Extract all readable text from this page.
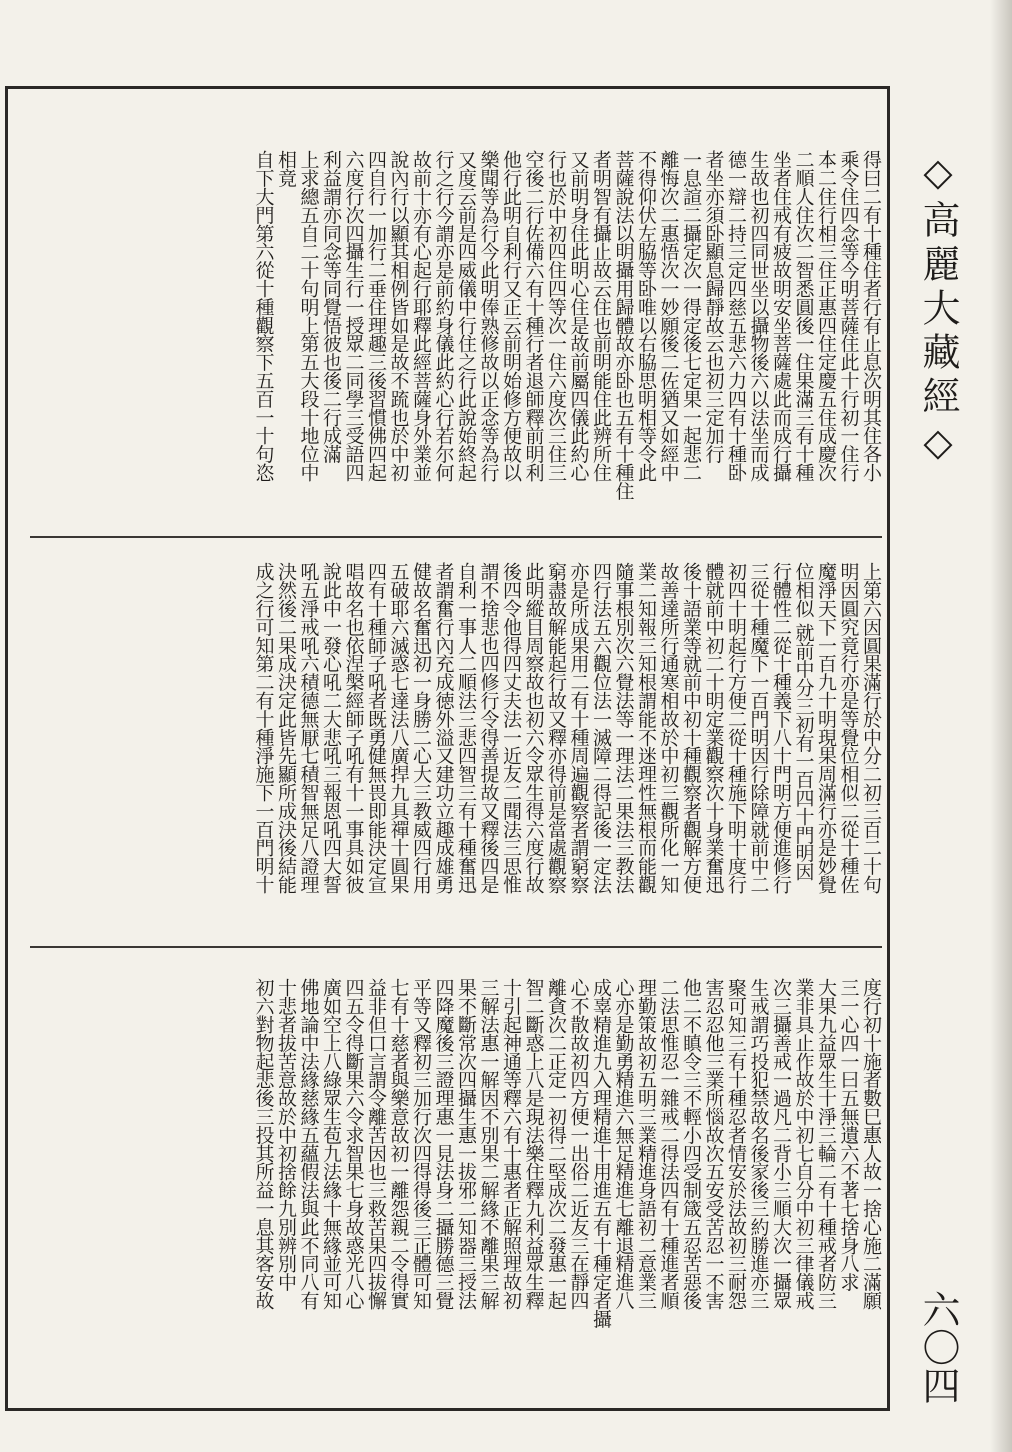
得曰二有十種住者行有止息次明其住各小
乘令住四念等今明菩薩住此十行初一住行
本二住行相三住正惠四住定慶五住成慶次
二順人住次二智悉圓後一住果滿三有十種
坐者住戒有疲故明安坐菩薩處此而成行攝
生故也初四同世坐以攝物後六以法坐而成
德一辯二持三定四慈五悲六力四有十種卧
者坐亦須卧顯息歸靜故云也初三定加行
一息諠二攝定次一得定後七定果一起悲二
離悔次二惠悟次一妙願後二佐猶又如經中
不得仰伏左脇等卧唯以右脇思明相等令此
菩薩說法以明攝用歸體故亦卧也五有十種住
者明智有攝止故云住也前明能住此辨所住
又前明身住此明心住是故前屬四儀此約心
行也於中初四住四等次一住六度次三住三
空後二行佐備六有十種行者退師釋前明利
他行此明自利行又正云前明始修方便故以
樂聞等為行今此明俸熟修故以正念等為行
又度云前是四威儀中行住之行此說始終起
行之行今謂亦是前約身儀此約心行若尔何
故前十亦有心起行耶釋此經菩薩身外業並
說內行以顯其相例皆如是故不䟽也於中初
四自行一加行二垂住理趣三後習慣佛四起
六度行次四攝生行一授眾二同學三受語四
利益謂亦同念等同覺悟彼也後二行成滿
上求總五自二十句明上第五大段十地位中
相竟
自下大門第六從十種觀察下五百一十句恣
上第六因圓果滿行於中分二初三百二十句
明因圓究竟行亦是等覺位相似二從十種佐
魔淨天下一百九十明現果周滿行亦是妙覺
位相似 就前中分三初有一百四十門明因
行體性二從十種義下八十門明方便進修行
三從十種魔下一百門明因行除障就前中二
初四十明起行方便二從十種施下明十度行
體就前中初二十明定業觀察次十身業奮迅
後十語業等就前中初十種觀察者觀解方便
故善達所行通寒相故於中初三觀所化一知
業二知報三知根謂能不迷理性無根而能觀
隨事根別次六覺法等一理法二果法三教法
四行法五六觀位法一滅障二得記後一定法
亦是所成果用二有十種周遍觀察者謂窮察
窮盡故解能起行故又釋亦得前是當處觀察
此明縱目周察故也初六令眾生得六度行故
後四令他得四丈夫法一近友二聞法三思惟
謂不捨悲也四修行令得善提故又釋後四是
自利一事人二順法三悲四智三有十種奮迅
者謂奮行內充成徳外溢又建功立趣成雄勇
健故名奮迅初一身勝二心大三教威四行用
五破耶六滅惑七達法八廣捍九具禪十圓果
四有十種師子吼者既勇健無畏即能決定宣
唱故名也依涅槃經師子吼有十一事具如彼
說此中一發心吼二大悲吼三報恩吼四大誓
吼五淨戒吼六積德無厭七積智無足八證理
決然後二果成決定此皆先顯所成決後結能
成之行可知第二有十種淨施下一百門明十
度行初十施者數巳惠人故一捨心施二滿願
三一心四一曰五無遺六不著七捨身八求
大果九益眾生十淨三輪二有十種戒者防三
業非具止作故於中初七自分中初三律儀戒
次三攝善戒一過凡二背小三順大次一攝眾
生戒謂巧投犯禁故名後家後三約勝進亦三
聚可知三有十種忍者情安於法故初三耐怨
害忍忍他三業所惱故次五安受苦忍一不害
他二不瞋令三不輕小四受制箴五忍苦惡後
二法思惟忍一雜戒二得法四有十種進者順
理勤策故初五明三業精進身語初二意業三
心亦是勤勇精進六無足精進七離退精進八
成辜精進九入理精進十用進五有十種定者攝
心不散故初四方便一出俗二近友三在靜四
離貪次二正定一初得二堅成次二發惠一起
智二斷惑上八是現法樂住釋九利益眾生釋
十引起神通等釋六有十惠者正解照理故初
三解法惠一解因不別果二解緣不離果三解
果不斷常次四攝生惠一拔邪二知器三授法
四降魔後三證理惠一見法身二攝勝德三覺
平等又釋初三加行次四得得後三正體可知
七有十慈者與樂意故初一離怨親二令得實
益非但口言謂令離苦因也三救苦果四拔懈
四五令得斷果六令求智果七身故惑光八心
廣如空上八綠眾生苞九法緣十無緣並可知
佛地論中法緣慈緣五蘊假法與此不同八有
十悲者拔苦意故於中初捨餘九別辨別中
初六對物起悲後三投其所益一息其客安故
◇高麗大藏經◇
六〇四
